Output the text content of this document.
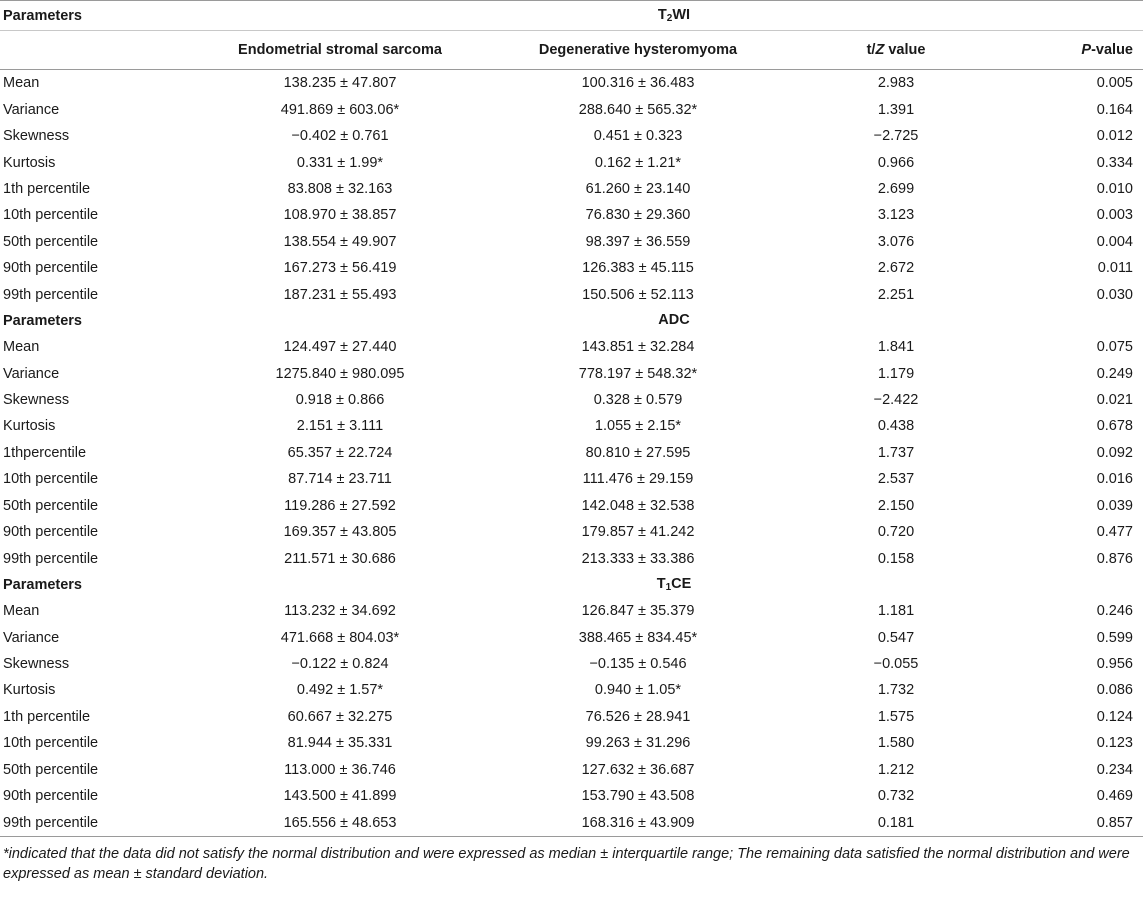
Parameters	$T_2WI$			
	Endometrial stromal sarcoma	Degenerative hysteromyoma	t/Z value	P-value
Mean	138.235 ± 47.807	100.316 ± 36.483	2.983	0.005
Variance	491.869 ± 603.06*	288.640 ± 565.32*	1.391	0.164
Skewness	−0.402 ± 0.761	0.451 ± 0.323	−2.725	0.012
Kurtosis	0.331 ± 1.99*	0.162 ± 1.21*	0.966	0.334
1th percentile	83.808 ± 32.163	61.260 ± 23.140	2.699	0.010
10th percentile	108.970 ± 38.857	76.830 ± 29.360	3.123	0.003
50th percentile	138.554 ± 49.907	98.397 ± 36.559	3.076	0.004
90th percentile	167.273 ± 56.419	126.383 ± 45.115	2.672	0.011
99th percentile	187.231 ± 55.493	150.506 ± 52.113	2.251	0.030
Parameters	ADC			
Mean	124.497 ± 27.440	143.851 ± 32.284	1.841	0.075
Variance	1275.840 ± 980.095	778.197 ± 548.32*	1.179	0.249
Skewness	0.918 ± 0.866	0.328 ± 0.579	−2.422	0.021
Kurtosis	2.151 ± 3.111	1.055 ± 2.15*	0.438	0.678
1thpercentile	65.357 ± 22.724	80.810 ± 27.595	1.737	0.092
10th percentile	87.714 ± 23.711	111.476 ± 29.159	2.537	0.016
50th percentile	119.286 ± 27.592	142.048 ± 32.538	2.150	0.039
90th percentile	169.357 ± 43.805	179.857 ± 41.242	0.720	0.477
99th percentile	211.571 ± 30.686	213.333 ± 33.386	0.158	0.876
Parameters	$T_1CE$			
Mean	113.232 ± 34.692	126.847 ± 35.379	1.181	0.246
Variance	471.668 ± 804.03*	388.465 ± 834.45*	0.547	0.599
Skewness	−0.122 ± 0.824	−0.135 ± 0.546	−0.055	0.956
Kurtosis	0.492 ± 1.57*	0.940 ± 1.05*	1.732	0.086
1th percentile	60.667 ± 32.275	76.526 ± 28.941	1.575	0.124
10th percentile	81.944 ± 35.331	99.263 ± 31.296	1.580	0.123
50th percentile	113.000 ± 36.746	127.632 ± 36.687	1.212	0.234
90th percentile	143.500 ± 41.899	153.790 ± 43.508	0.732	0.469
99th percentile	165.556 ± 48.653	168.316 ± 43.909	0.181	0.857

*indicated that the data did not satisfy the normal distribution and were expressed as median ± interquartile range; The remaining data satisfied the normal distribution and were expressed as mean ± standard deviation.
